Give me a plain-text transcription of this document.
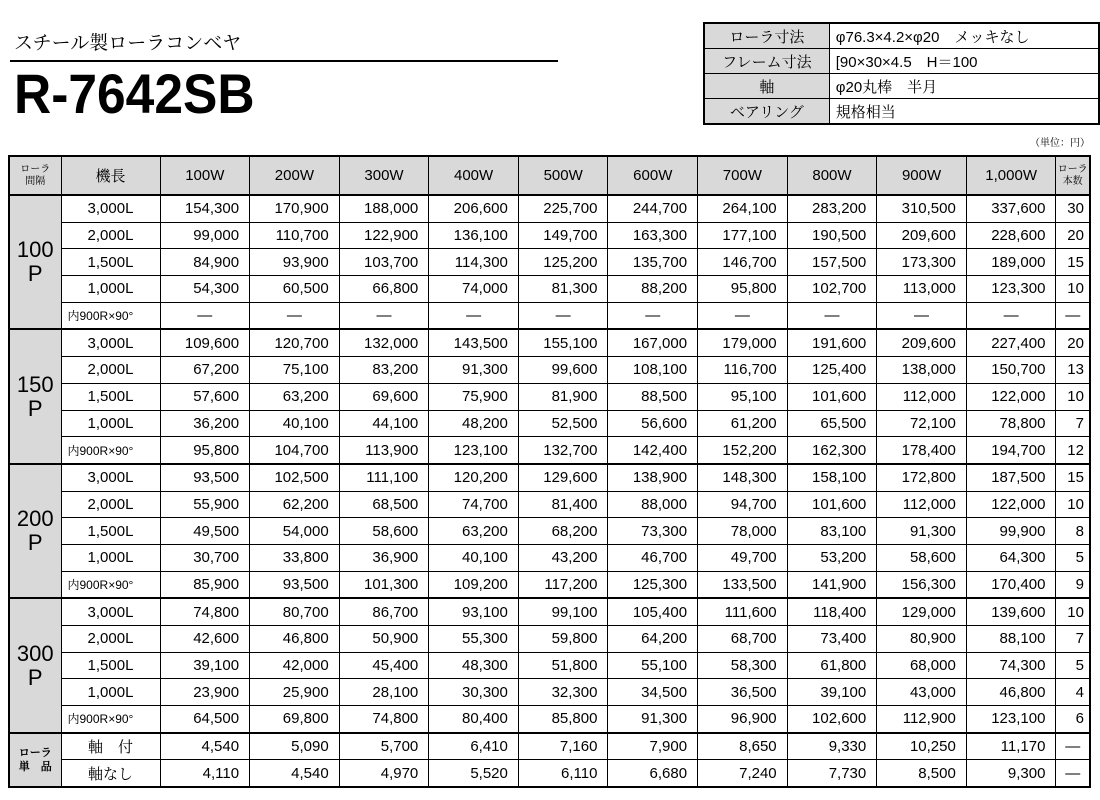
スチール製ローラコンベヤ
R-7642SB
ローラ寸法	φ76.3×4.2×φ20　メッキなし
フレーム寸法	[90×30×4.5　H＝100
軸	φ20丸棒　半月
ベアリング	規格相当
（単位：円）
ローラ
間隔	機長	100W	200W	300W	400W	500W	600W	700W	800W	900W	1,000W	ローラ
本数
100
P	3,000L	154,300	170,900	188,000	206,600	225,700	244,700	264,100	283,200	310,500	337,600	30
	2,000L	99,000	110,700	122,900	136,100	149,700	163,300	177,100	190,500	209,600	228,600	20
	1,500L	84,900	93,900	103,700	114,300	125,200	135,700	146,700	157,500	173,300	189,000	15
	1,000L	54,300	60,500	66,800	74,000	81,300	88,200	95,800	102,700	113,000	123,300	10
	内900R×90°	—	—	—	—	—	—	—	—	—	—	—
150
P	3,000L	109,600	120,700	132,000	143,500	155,100	167,000	179,000	191,600	209,600	227,400	20
	2,000L	67,200	75,100	83,200	91,300	99,600	108,100	116,700	125,400	138,000	150,700	13
	1,500L	57,600	63,200	69,600	75,900	81,900	88,500	95,100	101,600	112,000	122,000	10
	1,000L	36,200	40,100	44,100	48,200	52,500	56,600	61,200	65,500	72,100	78,800	7
	内900R×90°	95,800	104,700	113,900	123,100	132,700	142,400	152,200	162,300	178,400	194,700	12
200
P	3,000L	93,500	102,500	111,100	120,200	129,600	138,900	148,300	158,100	172,800	187,500	15
	2,000L	55,900	62,200	68,500	74,700	81,400	88,000	94,700	101,600	112,000	122,000	10
	1,500L	49,500	54,000	58,600	63,200	68,200	73,300	78,000	83,100	91,300	99,900	8
	1,000L	30,700	33,800	36,900	40,100	43,200	46,700	49,700	53,200	58,600	64,300	5
	内900R×90°	85,900	93,500	101,300	109,200	117,200	125,300	133,500	141,900	156,300	170,400	9
300
P	3,000L	74,800	80,700	86,700	93,100	99,100	105,400	111,600	118,400	129,000	139,600	10
	2,000L	42,600	46,800	50,900	55,300	59,800	64,200	68,700	73,400	80,900	88,100	7
	1,500L	39,100	42,000	45,400	48,300	51,800	55,100	58,300	61,800	68,000	74,300	5
	1,000L	23,900	25,900	28,100	30,300	32,300	34,500	36,500	39,100	43,000	46,800	4
	内900R×90°	64,500	69,800	74,800	80,400	85,800	91,300	96,900	102,600	112,900	123,100	6
ローラ
単　品	軸　付	4,540	5,090	5,700	6,410	7,160	7,900	8,650	9,330	10,250	11,170	—
	軸なし	4,110	4,540	4,970	5,520	6,110	6,680	7,240	7,730	8,500	9,300	—
